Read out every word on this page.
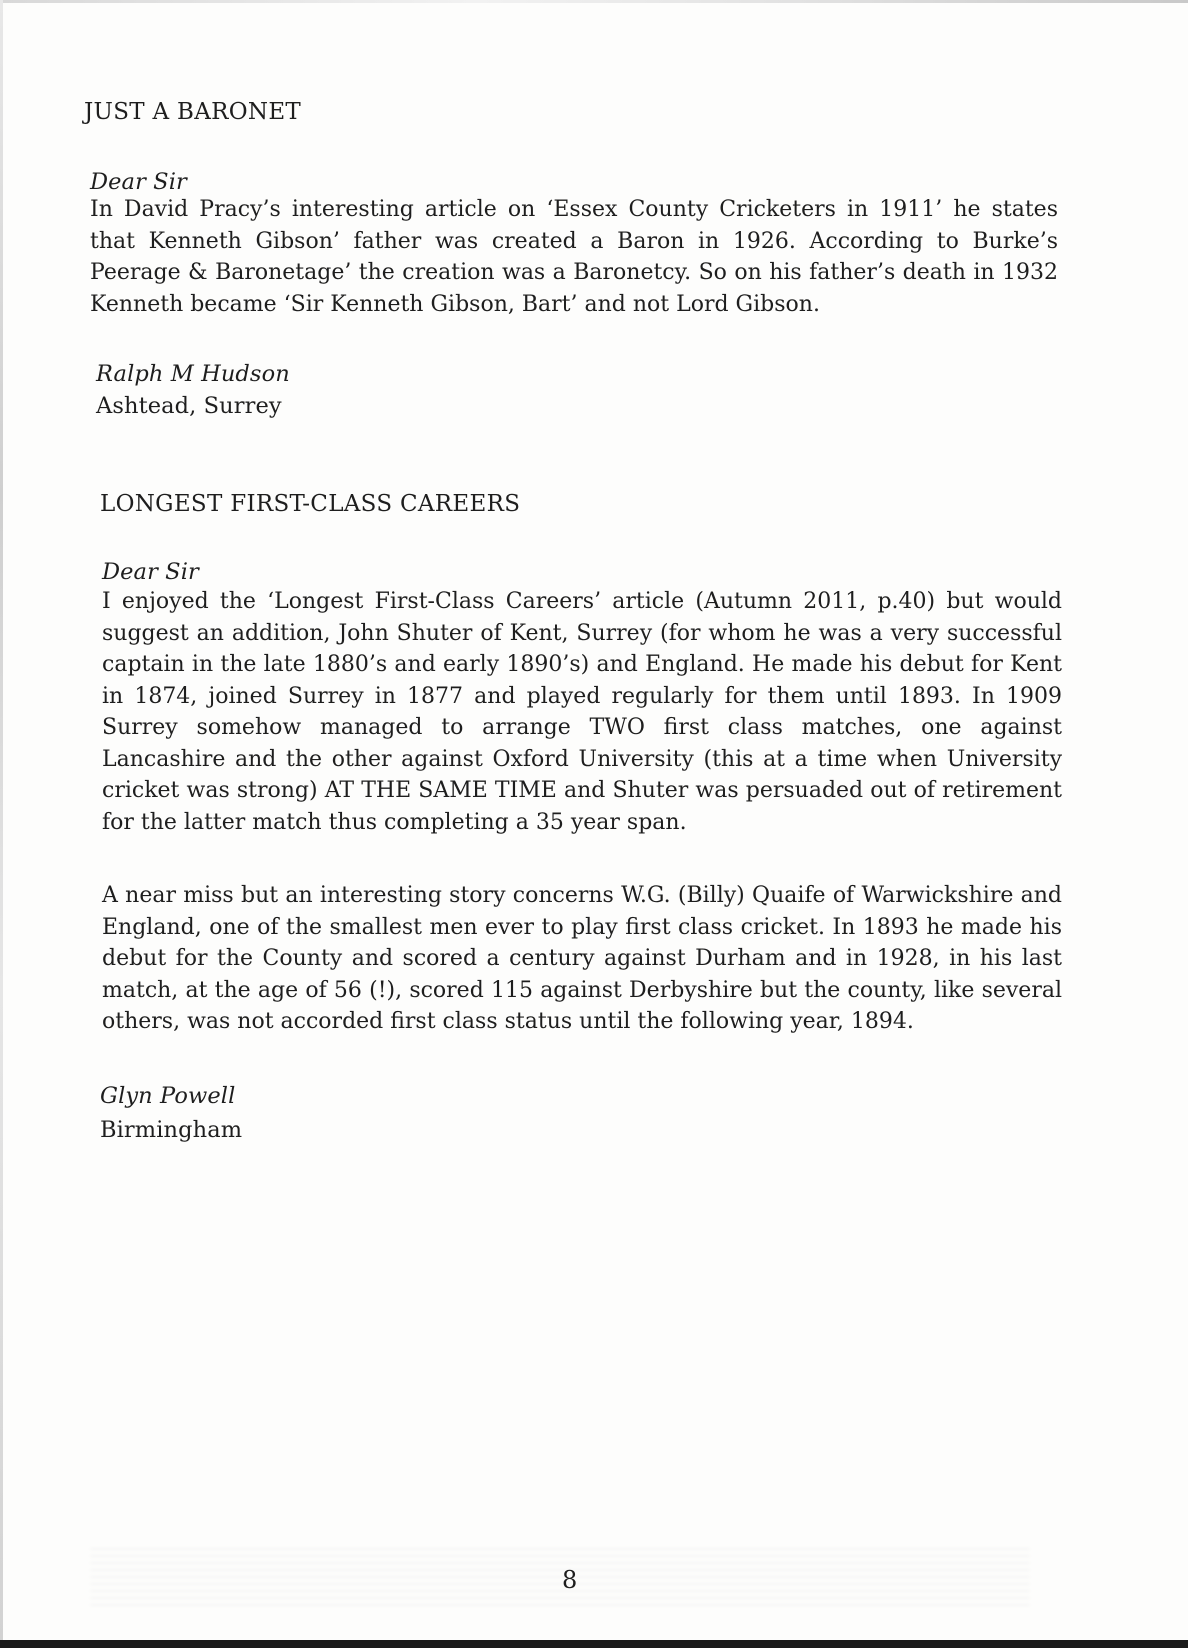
JUST A BARONET
Dear Sir
In David Pracy’s interesting article on ‘Essex County Cricketers in 1911’ he states that Kenneth Gibson’ father was created a Baron in 1926. According to Burke’s Peerage & Baronetage’ the creation was a Baronetcy. So on his father’s death in 1932 Kenneth became ‘Sir Kenneth Gibson, Bart’ and not Lord Gibson.
Ralph M Hudson
Ashtead, Surrey
LONGEST FIRST-CLASS CAREERS
Dear Sir
I enjoyed the ‘Longest First-Class Careers’ article (Autumn 2011, p.40) but would suggest an addition, John Shuter of Kent, Surrey (for whom he was a very successful captain in the late 1880’s and early 1890’s) and England. He made his debut for Kent in 1874, joined Surrey in 1877 and played regularly for them until 1893. In 1909 Surrey somehow managed to arrange TWO first class matches, one against Lancashire and the other against Oxford University (this at a time when University cricket was strong) AT THE SAME TIME and Shuter was persuaded out of retirement for the latter match thus completing a 35 year span.
A near miss but an interesting story concerns W.G. (Billy) Quaife of Warwickshire and England, one of the smallest men ever to play first class cricket. In 1893 he made his debut for the County and scored a century against Durham and in 1928, in his last match, at the age of 56 (!), scored 115 against Derbyshire but the county, like several others, was not accorded first class status until the following year, 1894.
Glyn Powell
Birmingham
8
